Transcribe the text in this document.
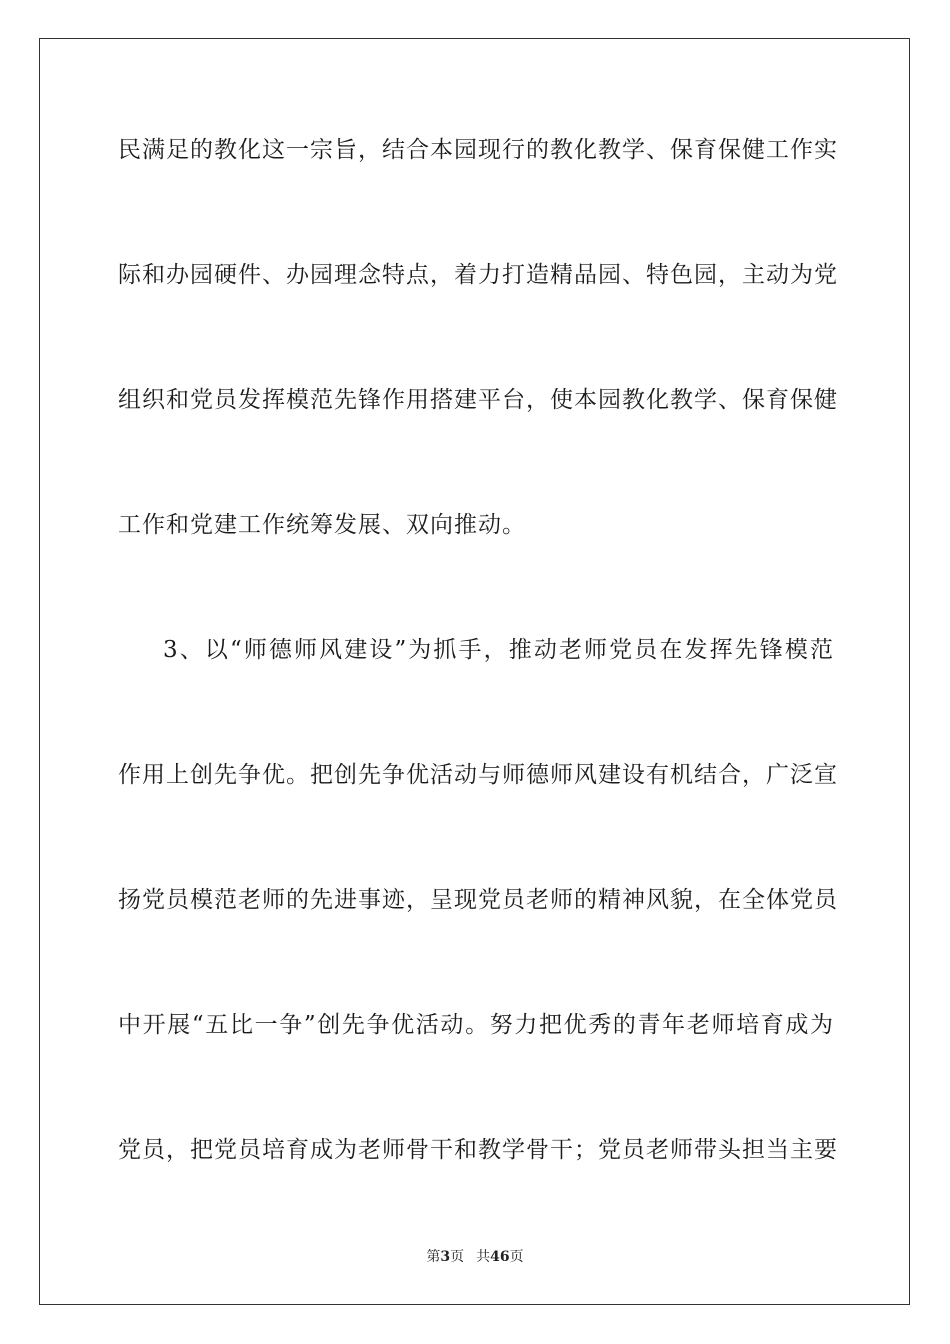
民满足的教化这一宗旨，结合本园现行的教化教学、保育保健工作实
际和办园硬件、办园理念特点，着力打造精品园、特色园，主动为党
组织和党员发挥模范先锋作用搭建平台，使本园教化教学、保育保健
工作和党建工作统筹发展、双向推动。
3、以“师德师风建设”为抓手，推动老师党员在发挥先锋模范
作用上创先争优。把创先争优活动与师德师风建设有机结合，广泛宣
扬党员模范老师的先进事迹，呈现党员老师的精神风貌，在全体党员
中开展“五比一争”创先争优活动。努力把优秀的青年老师培育成为
党员，把党员培育成为老师骨干和教学骨干；党员老师带头担当主要
第3页 共46页
